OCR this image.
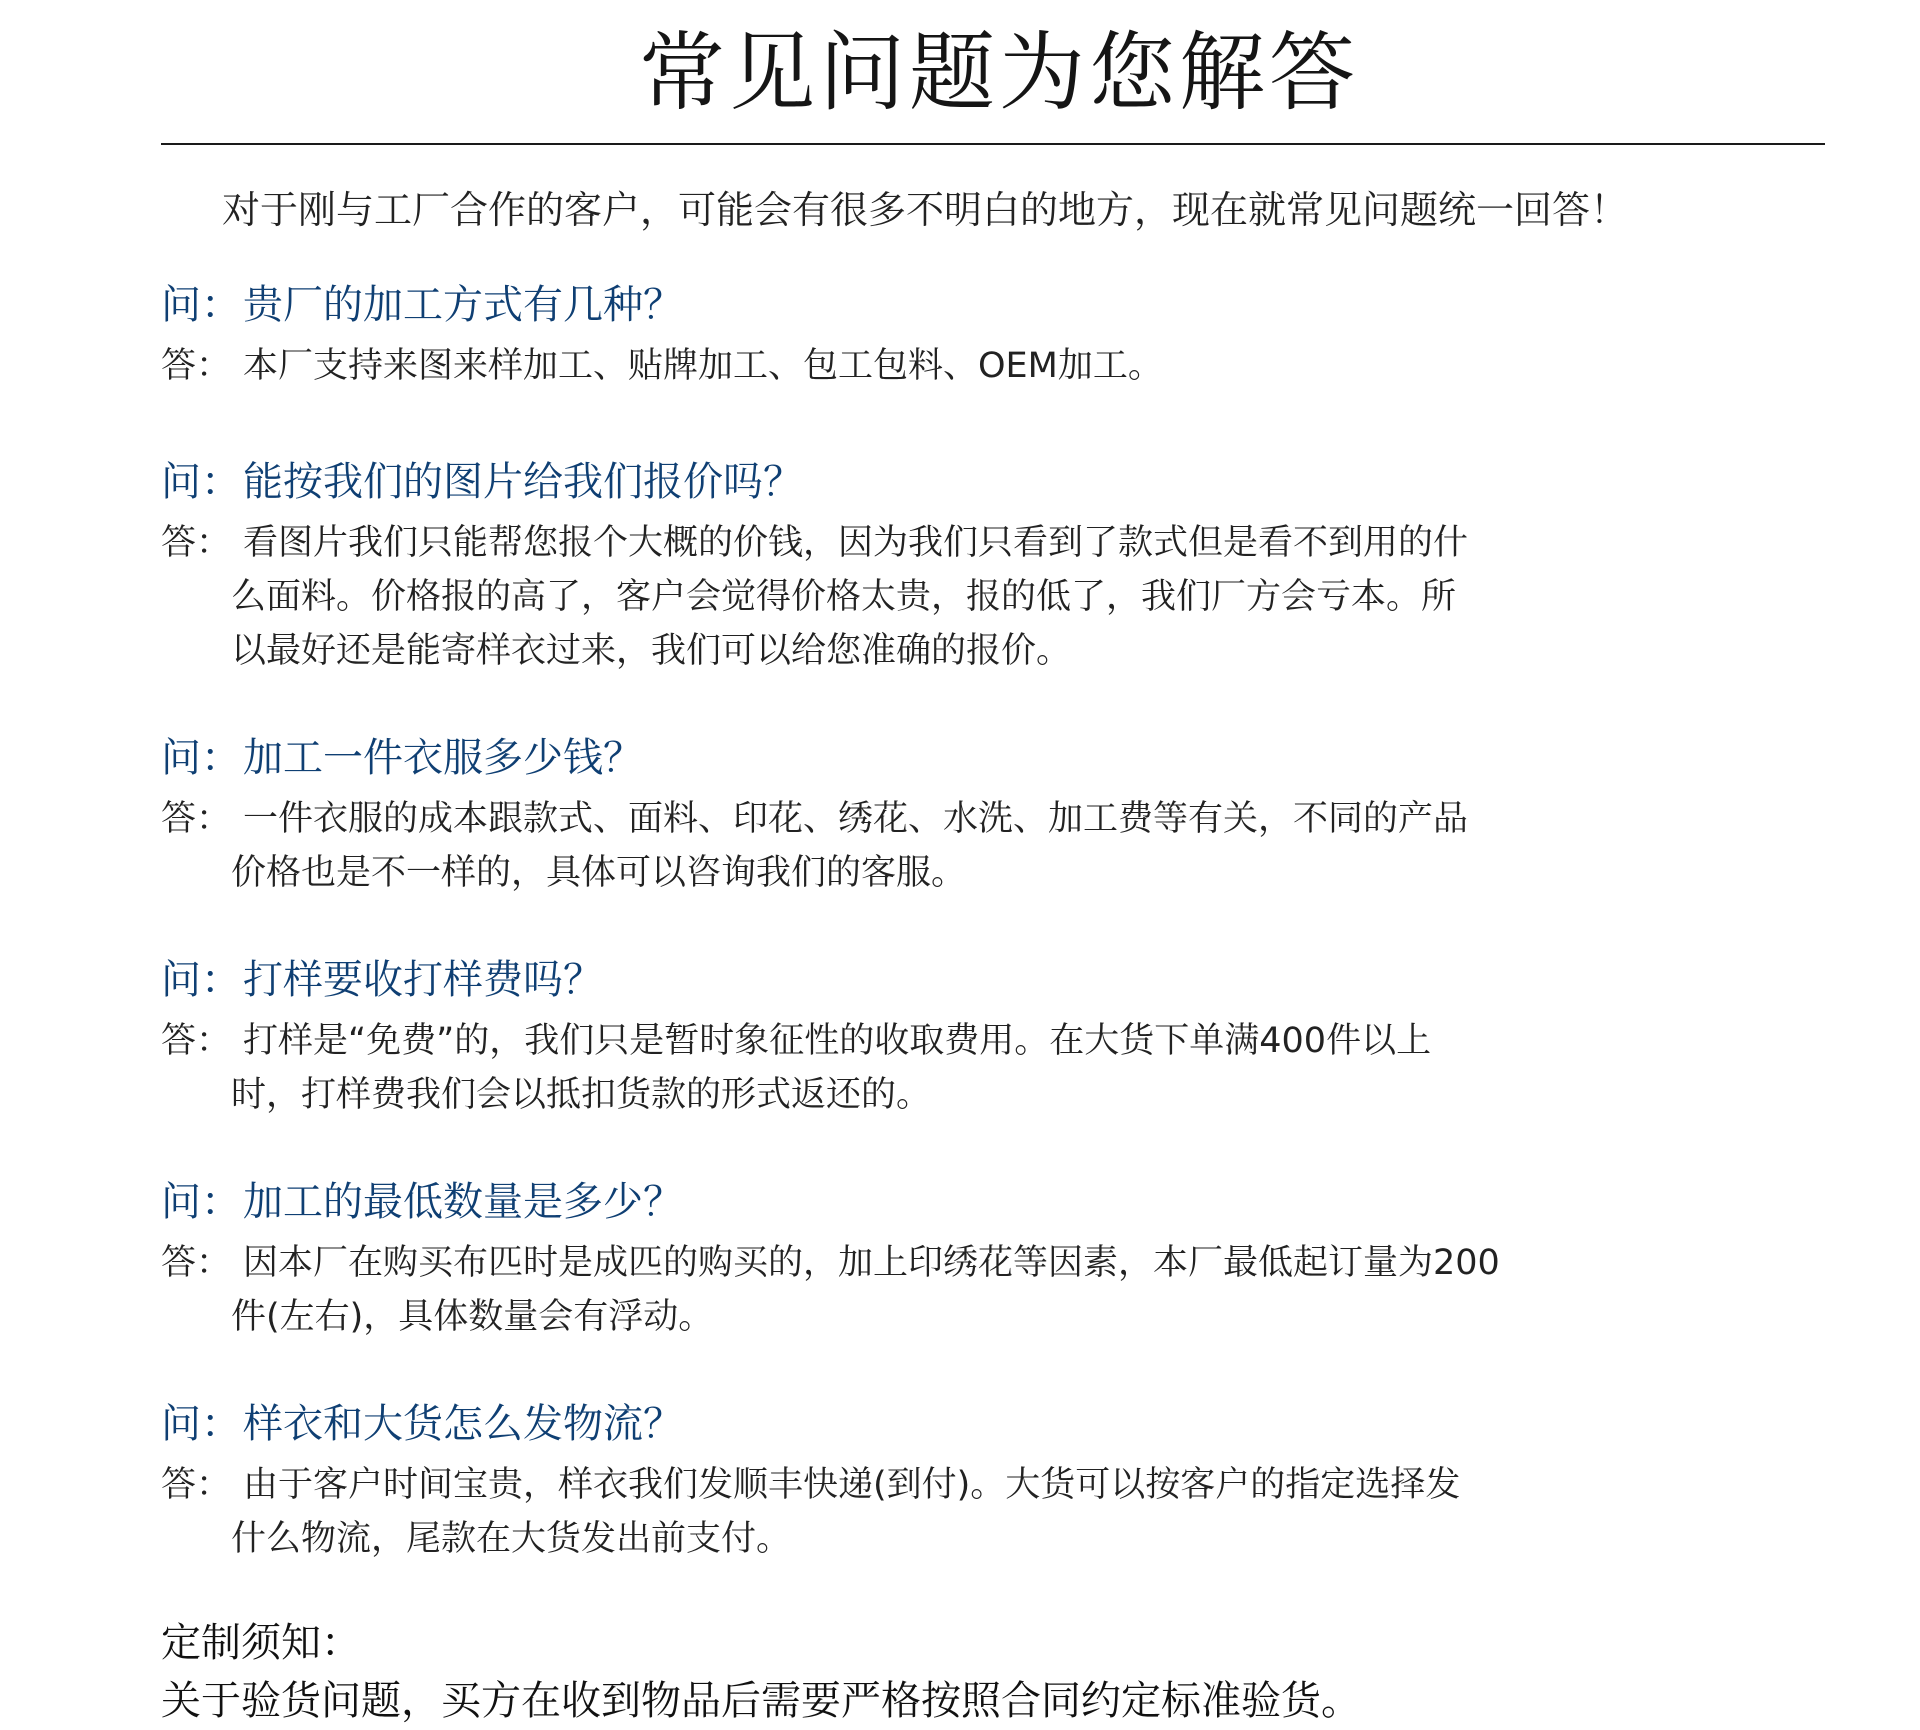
常见问题为您解答
对于刚与工厂合作的客户，可能会有很多不明白的地方，现在就常见问题统一回答！
问：贵厂的加工方式有几种？
答： 本厂支持来图来样加工、贴牌加工、包工包料、OEM加工。
问：能按我们的图片给我们报价吗？
答： 看图片我们只能帮您报个大概的价钱，因为我们只看到了款式但是看不到用的什
么面料。价格报的高了，客户会觉得价格太贵，报的低了，我们厂方会亏本。所
以最好还是能寄样衣过来，我们可以给您准确的报价。
问：加工一件衣服多少钱？
答： 一件衣服的成本跟款式、面料、印花、绣花、水洗、加工费等有关，不同的产品
价格也是不一样的，具体可以咨询我们的客服。
问：打样要收打样费吗？
答： 打样是“免费”的，我们只是暂时象征性的收取费用。在大货下单满400件以上
时，打样费我们会以抵扣货款的形式返还的。
问：加工的最低数量是多少？
答： 因本厂在购买布匹时是成匹的购买的，加上印绣花等因素，本厂最低起订量为200
件(左右)，具体数量会有浮动。
问：样衣和大货怎么发物流？
答： 由于客户时间宝贵，样衣我们发顺丰快递(到付)。大货可以按客户的指定选择发
什么物流，尾款在大货发出前支付。
定制须知：
关于验货问题，买方在收到物品后需要严格按照合同约定标准验货。
